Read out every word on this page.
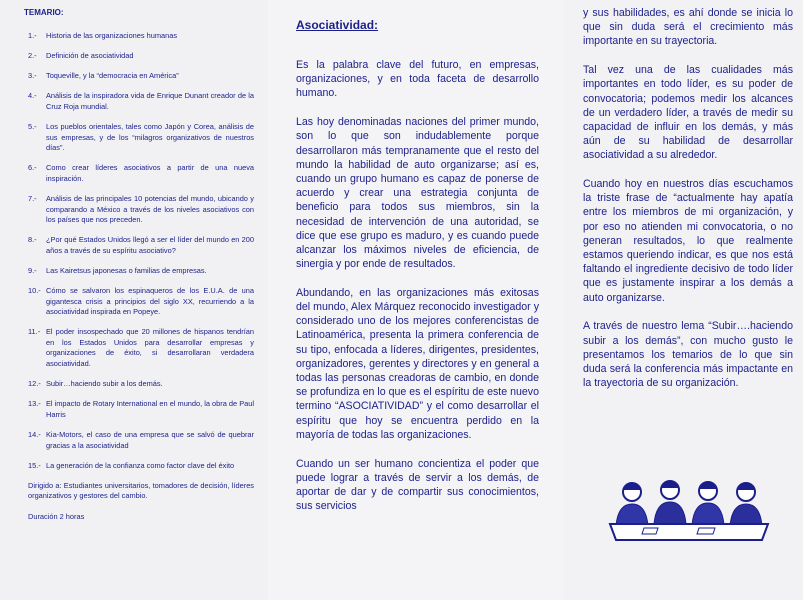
TEMARIO:
1.- Historia de las organizaciones humanas
2.- Definición de asociatividad
3.- Toqueville, y la “democracia en América”
4.- Análisis de la inspiradora vida de Enrique Dunant creador de la Cruz Roja mundial.
5.- Los pueblos orientales, tales como Japón y Corea, análisis de sus empresas, y de los “milagros organizativos de nuestros días”.
6.- Como crear líderes asociativos a partir de una nueva inspiración.
7.- Análisis de las principales 10 potencias del mundo, ubicando y comparando a México a través de los niveles asociativos con los países que nos preceden.
8.- ¿Por qué Estados Unidos llegó a ser el líder del mundo en 200 años a través de su espíritu asociativo?
9.- Las Kairetsus japonesas o familias de empresas.
10.- Cómo se salvaron los espinaqueros de los E.U.A. de una gigantesca crisis a principios del siglo XX, recurriendo a la asociatividad inspirada en Popeye.
11.- El poder insospechado que 20 millones de hispanos tendrían en los Estados Unidos para desarrollar empresas y organizaciones de éxito, si desarrollaran verdadera asociatividad.
12.- Subir…haciendo subir a los demás.
13.- El impacto de Rotary International en el mundo, la obra de Paul Harris
14.- Kia-Motors, el caso de una empresa que se salvó de quebrar gracias a la asociatividad
15.- La generación de la confianza como factor clave del éxito
Dirigido a: Estudiantes universitarios, tomadores de decisión, líderes organizativos y gestores del cambio.
Duración 2 horas
Asociatividad:

Es la palabra clave del futuro, en empresas, organizaciones, y en toda faceta de desarrollo humano.

Las hoy denominadas naciones del primer mundo, son lo que son indudablemente porque desarrollaron más tempranamente que el resto del mundo la habilidad de auto organizarse; así es, cuando un grupo humano es capaz de ponerse de acuerdo y crear una estrategia conjunta de beneficio para todos sus miembros, sin la necesidad de intervención de una autoridad, se dice que ese grupo es maduro, y es cuando puede alcanzar los máximos niveles de eficiencia, de sinergia y por ende de resultados.

Abundando, en las organizaciones más exitosas del mundo, Alex Márquez reconocido investigador y considerado uno de los mejores conferencistas de Latinoamérica, presenta la primera conferencia de su tipo, enfocada a líderes, dirigentes, presidentes, organizadores, gerentes y directores y en general a todas las personas creadoras de cambio, en donde se profundiza en lo que es el espíritu de este nuevo termino “ASOCIATIVIDAD” y el como desarrollar el espíritu que hoy se encuentra perdido en la mayoría de todas las organizaciones.

Cuando un ser humano concientiza el poder que puede lograr a través de servir a los demás, de aportar de dar y de compartir sus conocimientos, sus servicios

y sus habilidades, es ahí donde se inicia lo que sin duda será el crecimiento más importante en su trayectoria.

Tal vez una de las cualidades más importantes en todo líder, es su poder de convocatoria; podemos medir los alcances de un verdadero líder, a través de medir su capacidad de influir en los demás, y más aún de su habilidad de desarrollar asociatividad a su alrededor.

Cuando hoy en nuestros días escuchamos la triste frase de “actualmente hay apatía entre los miembros de mi organización, y por eso no atienden mi convocatoria, o no generan resultados, lo que realmente estamos queriendo indicar, es que nos está faltando el ingrediente decisivo de todo líder que es justamente inspirar a los demás a auto organizarse.

A través de nuestro lema “Subir….haciendo subir a los demás”, con mucho gusto le presentamos los temarios de lo que sin duda será la conferencia más impactante en la trayectoria de su organización.
